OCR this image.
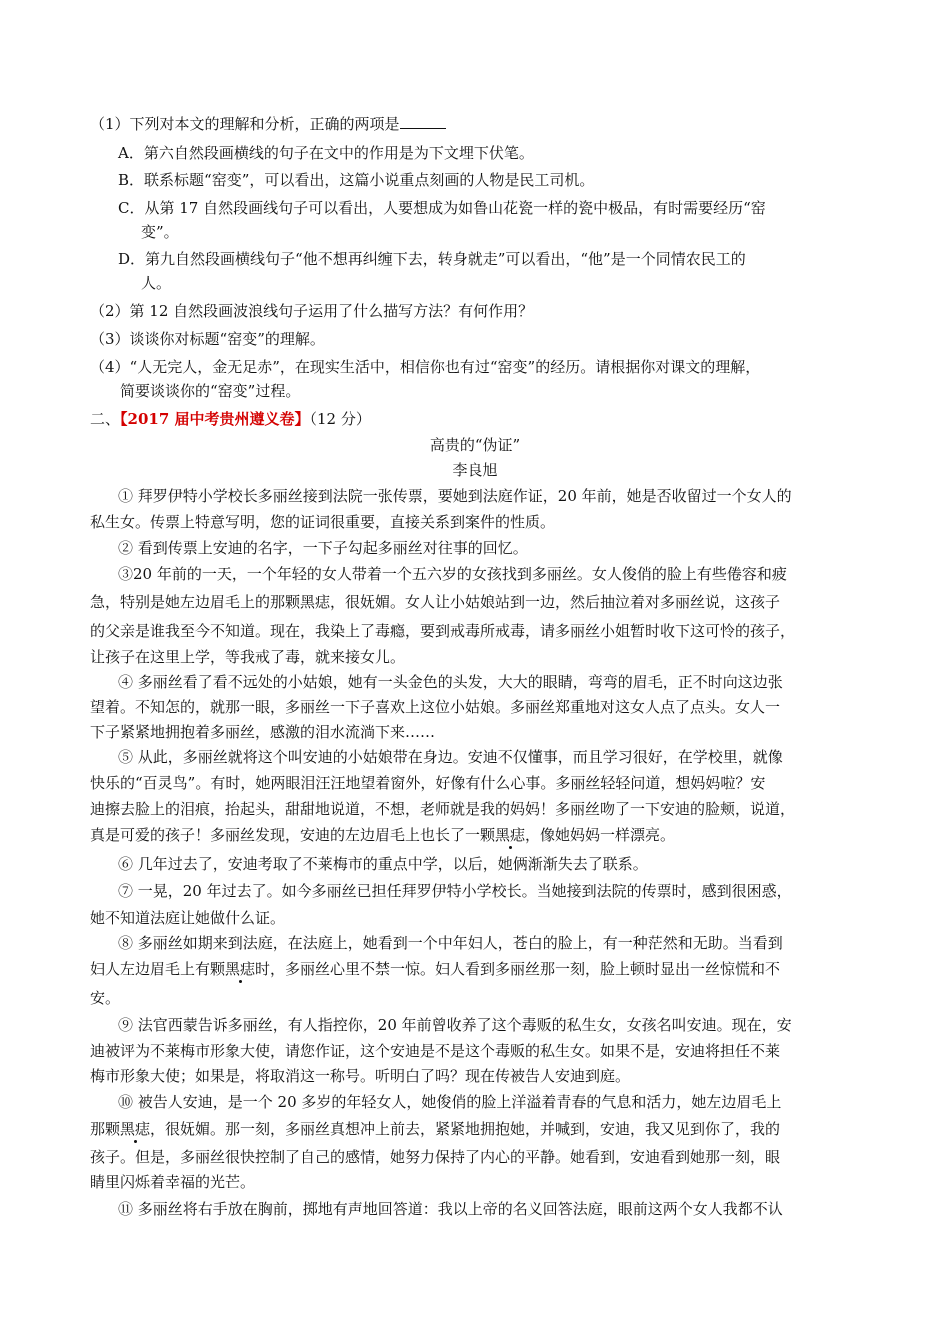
（1）下列对本文的理解和分析，正确的两项是
A．第六自然段画横线的句子在文中的作用是为下文埋下伏笔。
B．联系标题“窑变”，可以看出，这篇小说重点刻画的人物是民工司机。
C．从第 17 自然段画线句子可以看出，人要想成为如鲁山花瓷一样的瓷中极品，有时需要经历“窑
变”。
D．第九自然段画横线句子“他不想再纠缠下去，转身就走”可以看出，“他”是一个同情农民工的
人。
（2）第 12 自然段画波浪线句子运用了什么描写方法？有何作用？
（3）谈谈你对标题“窑变”的理解。
（4）“人无完人，金无足赤”，在现实生活中，相信你也有过“窑变”的经历。请根据你对课文的理解，
简要谈谈你的“窑变”过程。
二、【2017 届中考贵州遵义卷】（12 分）
高贵的“伪证”
李良旭
① 拜罗伊特小学校长多丽丝接到法院一张传票，要她到法庭作证，20 年前，她是否收留过一个女人的
私生女。传票上特意写明，您的证词很重要，直接关系到案件的性质。
② 看到传票上安迪的名字，一下子勾起多丽丝对往事的回忆。
③20 年前的一天，一个年轻的女人带着一个五六岁的女孩找到多丽丝。女人俊俏的脸上有些倦容和疲
急，特别是她左边眉毛上的那颗黑痣，很妩媚。女人让小姑娘站到一边，然后抽泣着对多丽丝说，这孩子
的父亲是谁我至今不知道。现在，我染上了毒瘾，要到戒毒所戒毒，请多丽丝小姐暂时收下这可怜的孩子，
让孩子在这里上学，等我戒了毒，就来接女儿。
④ 多丽丝看了看不远处的小姑娘，她有一头金色的头发，大大的眼睛，弯弯的眉毛，正不时向这边张
望着。不知怎的，就那一眼，多丽丝一下子喜欢上这位小姑娘。多丽丝郑重地对这女人点了点头。女人一
下子紧紧地拥抱着多丽丝，感激的泪水流淌下来……
⑤ 从此，多丽丝就将这个叫安迪的小姑娘带在身边。安迪不仅懂事，而且学习很好，在学校里，就像
快乐的“百灵鸟”。有时，她两眼泪汪汪地望着窗外，好像有什么心事。多丽丝轻轻问道，想妈妈啦？安
迪擦去脸上的泪痕，抬起头，甜甜地说道，不想，老师就是我的妈妈！多丽丝吻了一下安迪的脸颊，说道，
真是可爱的孩子！多丽丝发现，安迪的左边眉毛上也长了一颗黑痣，像她妈妈一样漂亮。
⑥ 几年过去了，安迪考取了不莱梅市的重点中学，以后，她俩渐渐失去了联系。
⑦ 一晃，20 年过去了。如今多丽丝已担任拜罗伊特小学校长。当她接到法院的传票时，感到很困惑，
她不知道法庭让她做什么证。
⑧ 多丽丝如期来到法庭，在法庭上，她看到一个中年妇人，苍白的脸上，有一种茫然和无助。当看到
妇人左边眉毛上有颗黑痣时，多丽丝心里不禁一惊。妇人看到多丽丝那一刻，脸上顿时显出一丝惊慌和不
安。
⑨ 法官西蒙告诉多丽丝，有人指控你，20 年前曾收养了这个毒贩的私生女，女孩名叫安迪。现在，安
迪被评为不莱梅市形象大使，请您作证，这个安迪是不是这个毒贩的私生女。如果不是，安迪将担任不莱
梅市形象大使；如果是，将取消这一称号。听明白了吗？现在传被告人安迪到庭。
⑩ 被告人安迪，是一个 20 多岁的年轻女人，她俊俏的脸上洋溢着青春的气息和活力，她左边眉毛上
那颗黑痣，很妩媚。那一刻，多丽丝真想冲上前去，紧紧地拥抱她，并喊到，安迪，我又见到你了，我的
孩子。但是，多丽丝很快控制了自己的感情，她努力保持了内心的平静。她看到，安迪看到她那一刻，眼
睛里闪烁着幸福的光芒。
⑪ 多丽丝将右手放在胸前，掷地有声地回答道：我以上帝的名义回答法庭，眼前这两个女人我都不认
